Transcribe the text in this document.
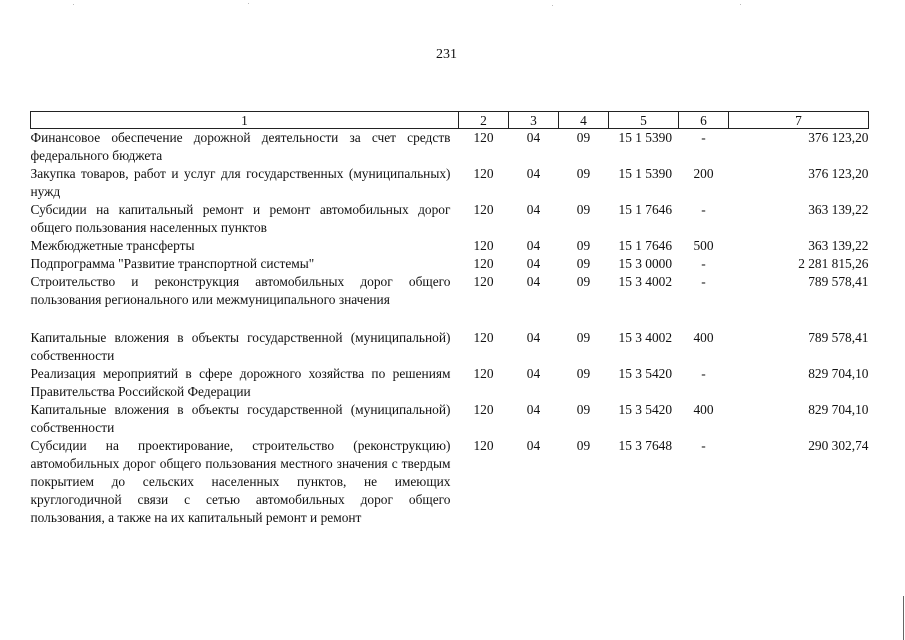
231
1	2	3	4	5	6	7
Финансовое обеспечение дорожной деятельности за счет средств федерального бюджета	120	04	09	15 1 5390	-	376 123,20
Закупка товаров, работ и услуг для государственных (муниципальных) нужд	120	04	09	15 1 5390	200	376 123,20
Субсидии на капитальный ремонт и ремонт автомобильных дорог общего пользования населенных пунктов	120	04	09	15 1 7646	-	363 139,22
Межбюджетные трансферты	120	04	09	15 1 7646	500	363 139,22
Подпрограмма "Развитие транспортной системы"	120	04	09	15 3 0000	-	2 281 815,26
Строительство и реконструкция автомобильных дорог общего пользования регионального или межмуниципального значения	120	04	09	15 3 4002	-	789 578,41

Капитальные вложения в объекты государственной (муниципальной) собственности	120	04	09	15 3 4002	400	789 578,41
Реализация мероприятий в сфере дорожного хозяйства по решениям Правительства Российской Федерации	120	04	09	15 3 5420	-	829 704,10
Капитальные вложения в объекты государственной (муниципальной) собственности	120	04	09	15 3 5420	400	829 704,10
Субсидии на проектирование, строительство (реконструкцию) автомобильных дорог общего пользования местного значения с твердым покрытием до сельских населенных пунктов, не имеющих круглогодичной связи с сетью автомобильных дорог общего пользования, а также на их капитальный ремонт и ремонт	120	04	09	15 3 7648	-	290 302,74
